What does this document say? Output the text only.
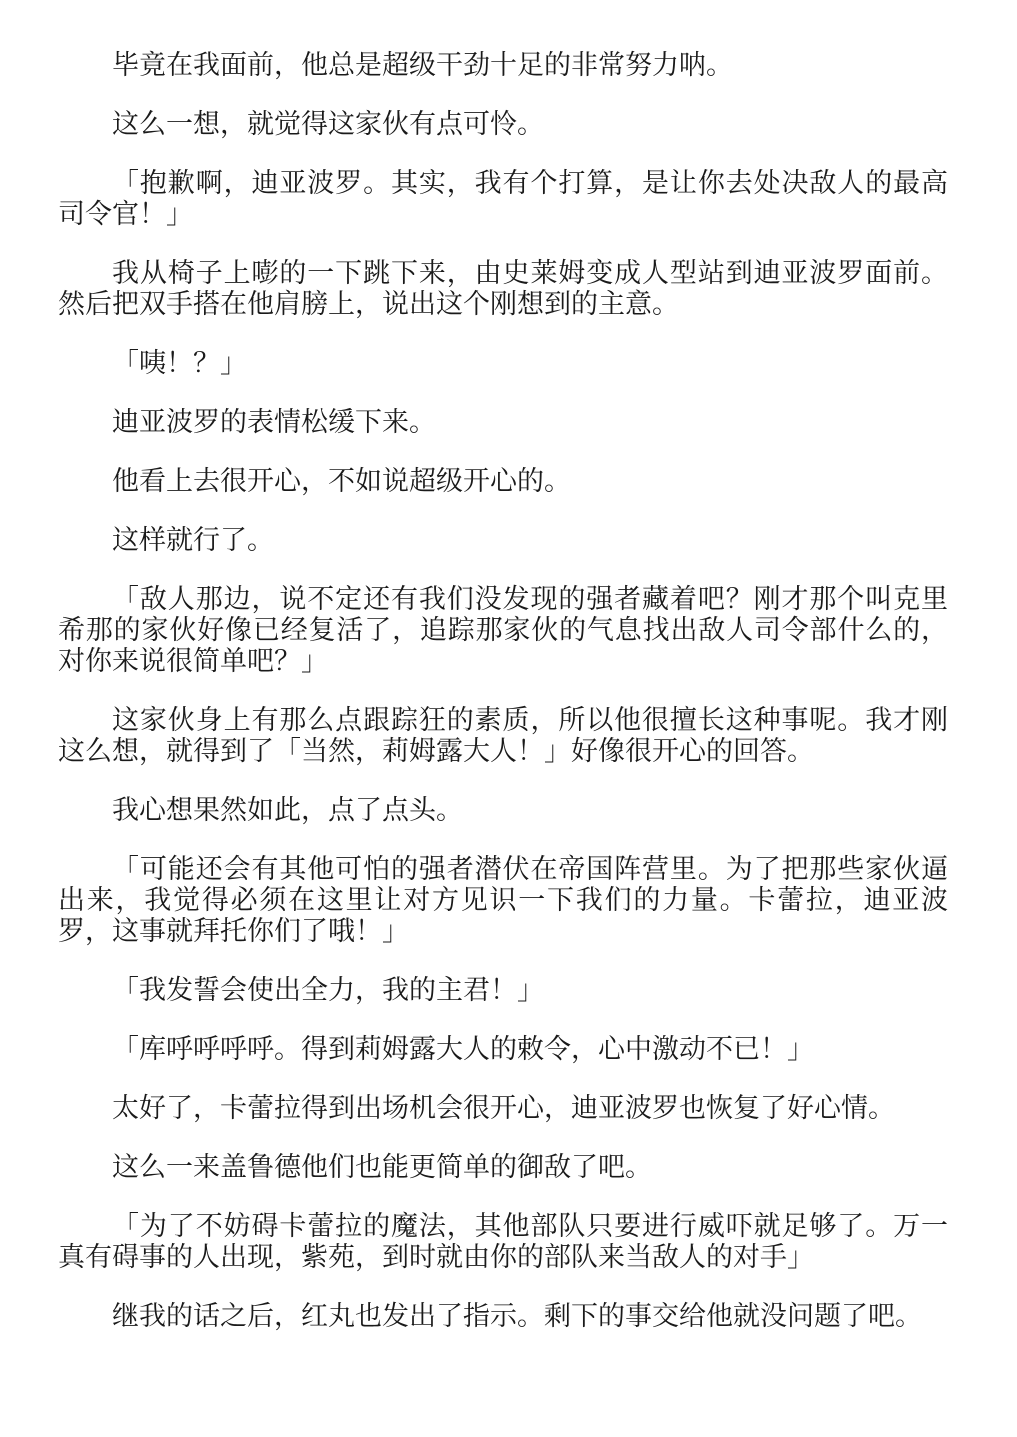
毕竟在我面前，他总是超级干劲十足的非常努力呐。

这么一想，就觉得这家伙有点可怜。

「抱歉啊，迪亚波罗。其实，我有个打算，是让你去处决敌人的最高司令官！」

我从椅子上嘭的一下跳下来，由史莱姆变成人型站到迪亚波罗面前。然后把双手搭在他肩膀上，说出这个刚想到的主意。

「咦！？」

迪亚波罗的表情松缓下来。

他看上去很开心，不如说超级开心的。

这样就行了。

「敌人那边，说不定还有我们没发现的强者藏着吧？刚才那个叫克里希那的家伙好像已经复活了，追踪那家伙的气息找出敌人司令部什么的，对你来说很简单吧？」

这家伙身上有那么点跟踪狂的素质，所以他很擅长这种事呢。我才刚这么想，就得到了「当然，莉姆露大人！」好像很开心的回答。

我心想果然如此，点了点头。

「可能还会有其他可怕的强者潜伏在帝国阵营里。为了把那些家伙逼出来，我觉得必须在这里让对方见识一下我们的力量。卡蕾拉，迪亚波罗，这事就拜托你们了哦！」

「我发誓会使出全力，我的主君！」

「库呼呼呼呼。得到莉姆露大人的敕令，心中激动不已！」

太好了，卡蕾拉得到出场机会很开心，迪亚波罗也恢复了好心情。

这么一来盖鲁德他们也能更简单的御敌了吧。

「为了不妨碍卡蕾拉的魔法，其他部队只要进行威吓就足够了。万一真有碍事的人出现，紫苑，到时就由你的部队来当敌人的对手」

继我的话之后，红丸也发出了指示。剩下的事交给他就没问题了吧。
